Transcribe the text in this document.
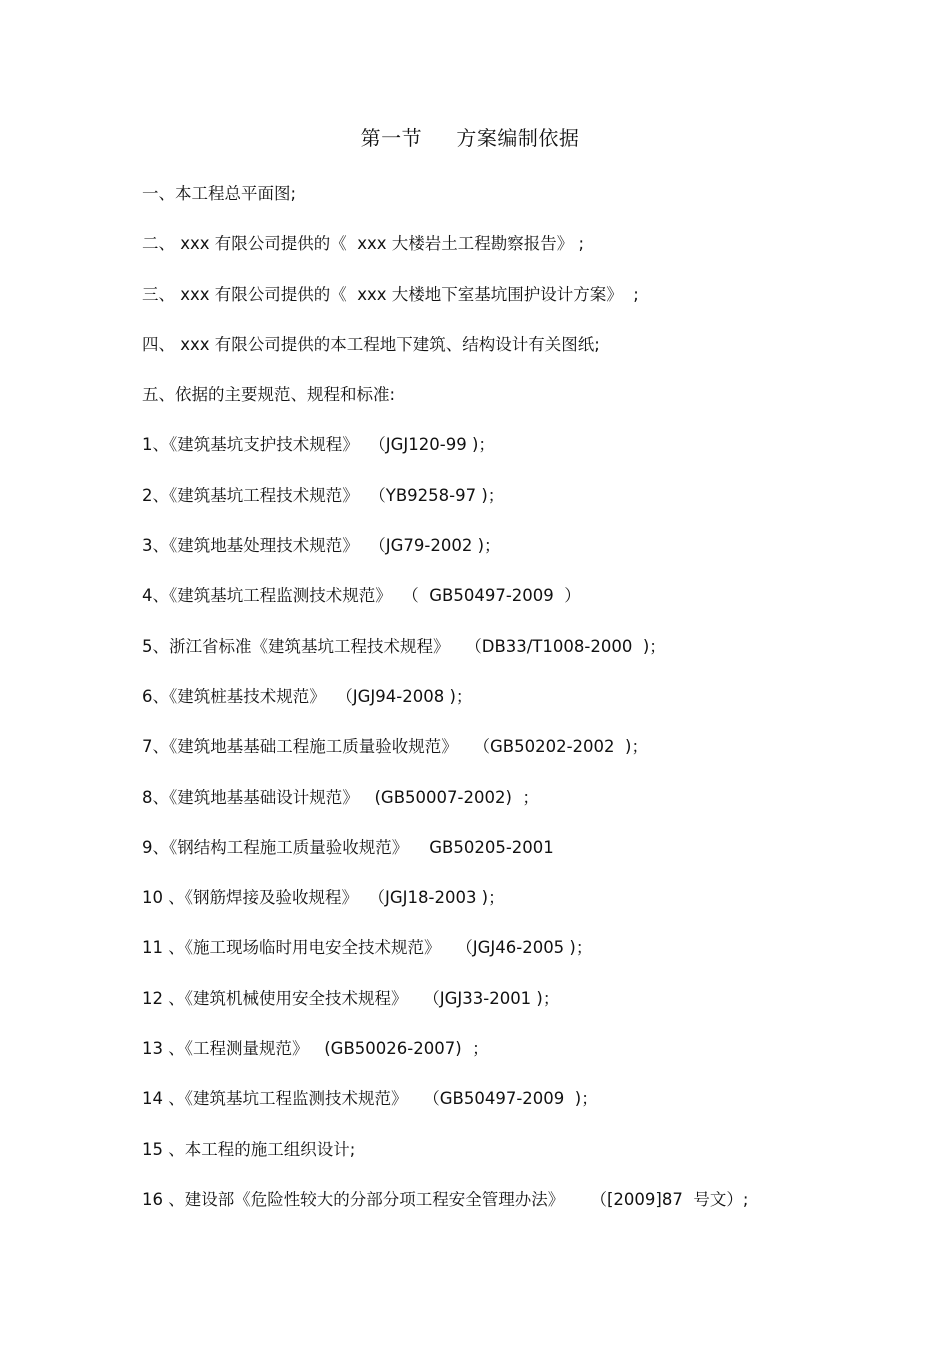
第一节     方案编制依据
一、本工程总平面图;
二、 xxx 有限公司提供的《  xxx 大楼岩土工程勘察报告》 ;
三、 xxx 有限公司提供的《  xxx 大楼地下室基坑围护设计方案》  ;
四、 xxx 有限公司提供的本工程地下建筑、结构设计有关图纸;
五、依据的主要规范、规程和标准:
1、《建筑基坑支护技术规程》  （JGJ120-99 )；
2、《建筑基坑工程技术规范》  （YB9258-97 )；
3、《建筑地基处理技术规范》  （JG79-2002 )；
4、《建筑基坑工程监测技术规范》  （  GB50497-2009  ）
5、浙江省标准《建筑基坑工程技术规程》   （DB33/T1008-2000  )；
6、《建筑桩基技术规范》  （JGJ94-2008 )；
7、《建筑地基基础工程施工质量验收规范》   （GB50202-2002  )；
8、《建筑地基基础设计规范》   (GB50007-2002)  ；
9、《钢结构工程施工质量验收规范》    GB50205-2001
10 、《钢筋焊接及验收规程》  （JGJ18-2003 )；
11 、《施工现场临时用电安全技术规范》   （JGJ46-2005 )；
12 、《建筑机械使用安全技术规程》   （JGJ33-2001 )；
13 、《工程测量规范》   (GB50026-2007)  ；
14 、《建筑基坑工程监测技术规范》   （GB50497-2009  )；
15 、本工程的施工组织设计;
16 、建设部《危险性较大的分部分项工程安全管理办法》     （[2009]87  号文）;
